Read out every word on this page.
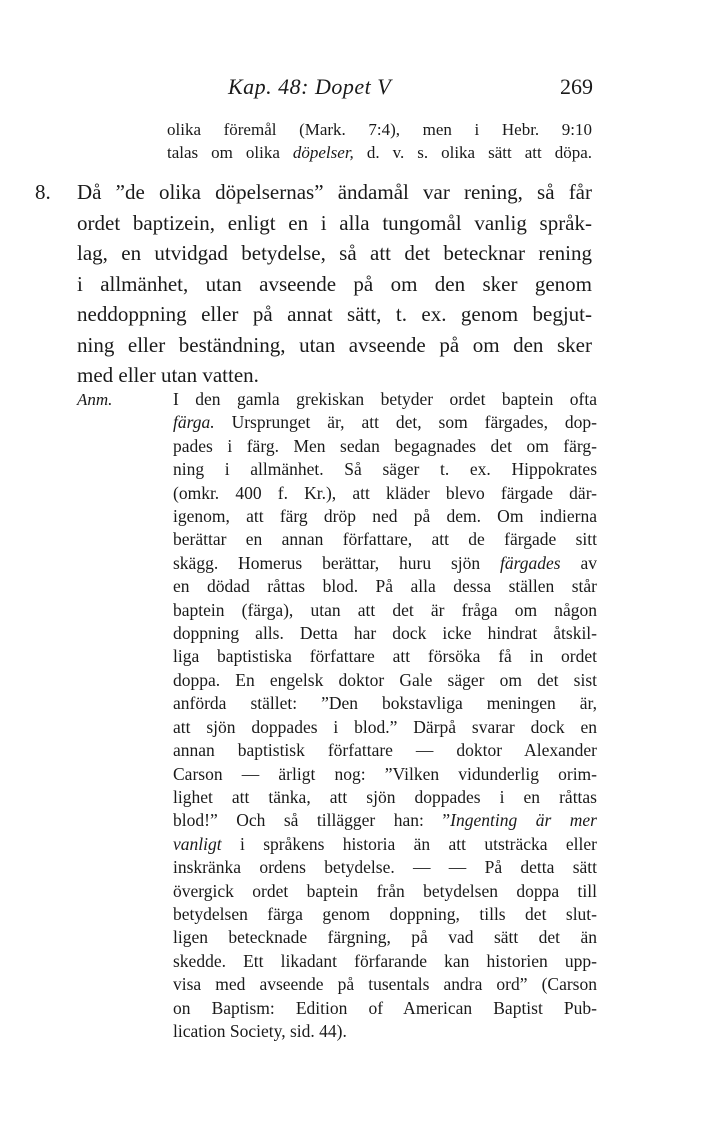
Kap. 48: Dopet V	269
olika föremål (Mark. 7:4), men i Hebr. 9:10
talas om olika döpelser, d. v. s. olika sätt att döpa.
8. Då ”de olika döpelsernas” ändamål var rening, så får
ordet baptizein, enligt en i alla tungomål vanlig språk-
lag, en utvidgad betydelse, så att det betecknar rening
i allmänhet, utan avseende på om den sker genom
neddoppning eller på annat sätt, t. ex. genom begjut-
ning eller beständning, utan avseende på om den sker
med eller utan vatten.
Anm.	I den gamla grekiskan betyder ordet baptein ofta
färga. Ursprunget är, att det, som färgades, dop-
pades i färg. Men sedan begagnades det om färg-
ning i allmänhet. Så säger t. ex. Hippokrates
(omkr. 400 f. Kr.), att kläder blevo färgade där-
igenom, att färg dröp ned på dem. Om indierna
berättar en annan författare, att de färgade sitt
skägg. Homerus berättar, huru sjön färgades av
en dödad råttas blod. På alla dessa ställen står
baptein (färga), utan att det är fråga om någon
doppning alls. Detta har dock icke hindrat åtskil-
liga baptistiska författare att försöka få in ordet
doppa. En engelsk doktor Gale säger om det sist
anförda stället: ”Den bokstavliga meningen är,
att sjön doppades i blod.” Därpå svarar dock en
annan baptistisk författare — doktor Alexander
Carson — ärligt nog: ”Vilken vidunderlig orim-
lighet att tänka, att sjön doppades i en råttas
blod!” Och så tillägger han: ”Ingenting är mer
vanligt i språkens historia än att utsträcka eller
inskränka ordens betydelse. — — På detta sätt
övergick ordet baptein från betydelsen doppa till
betydelsen färga genom doppning, tills det slut-
ligen betecknade färgning, på vad sätt det än
skedde. Ett likadant förfarande kan historien upp-
visa med avseende på tusentals andra ord” (Carson
on Baptism: Edition of American Baptist Pub-
lication Society, sid. 44).
